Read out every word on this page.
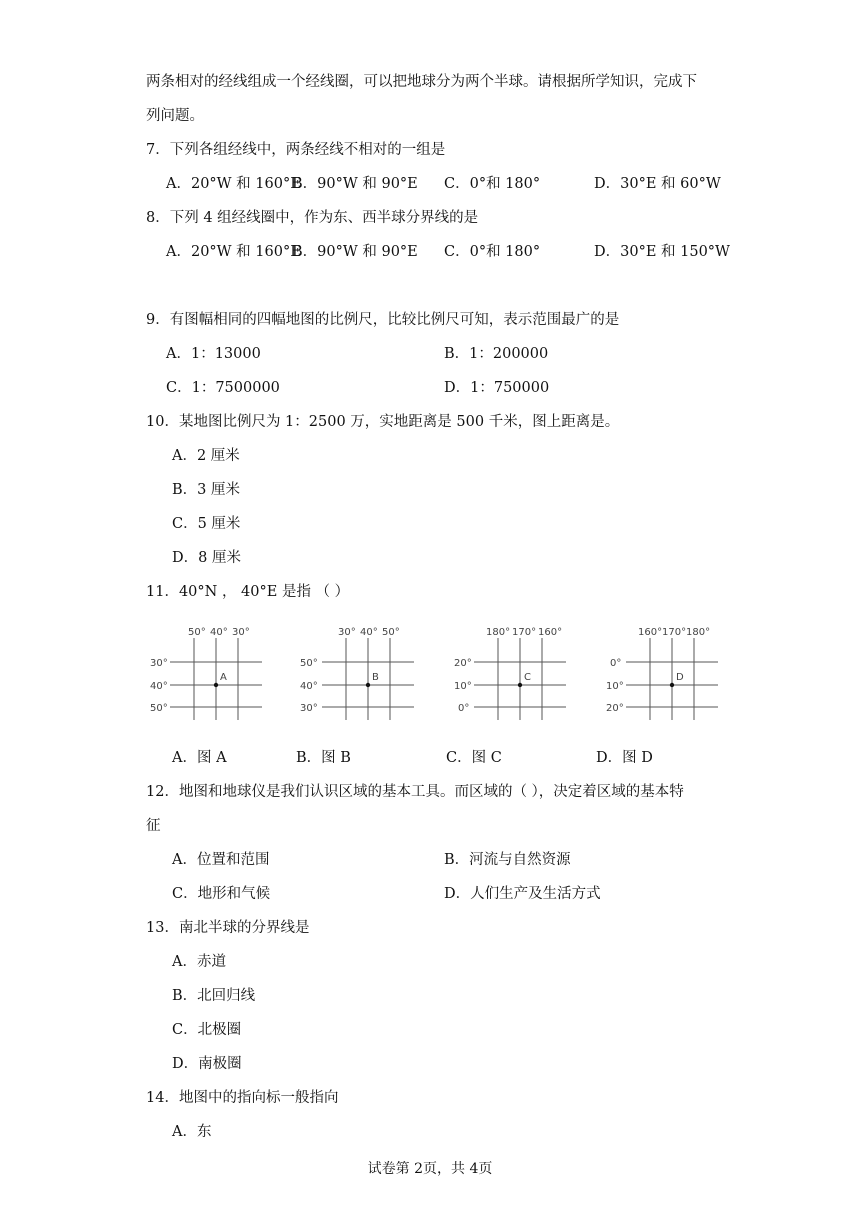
两条相对的经线组成一个经线圈，可以把地球分为两个半球。请根据所学知识，完成下
列问题。
7．下列各组经线中，两条经线不相对的一组是
A．20°W 和 160°E
B．90°W 和 90°E C．0°和 180°	D．30°E 和 60°W
8．下列 4 组经线圈中，作为东、西半球分界线的是
A．20°W 和 160°E
B．90°W 和 90°E C．0°和 180°	D．30°E 和 150°W
9．有图幅相同的四幅地图的比例尺，比较比例尺可知，表示范围最广的是
A．1：13000	B．1：200000
C．1：7500000	D．1：750000
10．某地图比例尺为 1：2500 万，实地距离是 500 千米，图上距离是。
A．2 厘米
B．3 厘米
C．5 厘米
D．8 厘米
11．40°N ， 40°E 是指 （ ）
50° 40° 30°
30°
40°
50°
A
30° 40° 50°
50°
40°
30°
B
180° 170° 160°
20°
10°
0°
C
160° 170° 180°
0°
10°
20°
D
A．图 A	B．图 B	C．图 C	D．图 D
12．地图和地球仪是我们认识区域的基本工具。而区域的（ ），决定着区域的基本特
征
A．位置和范围	B．河流与自然资源
C．地形和气候	D．人们生产及生活方式
13．南北半球的分界线是
A．赤道
B．北回归线
C．北极圈
D．南极圈
14．地图中的指向标一般指向
A．东
试卷第 2页，共 4页
